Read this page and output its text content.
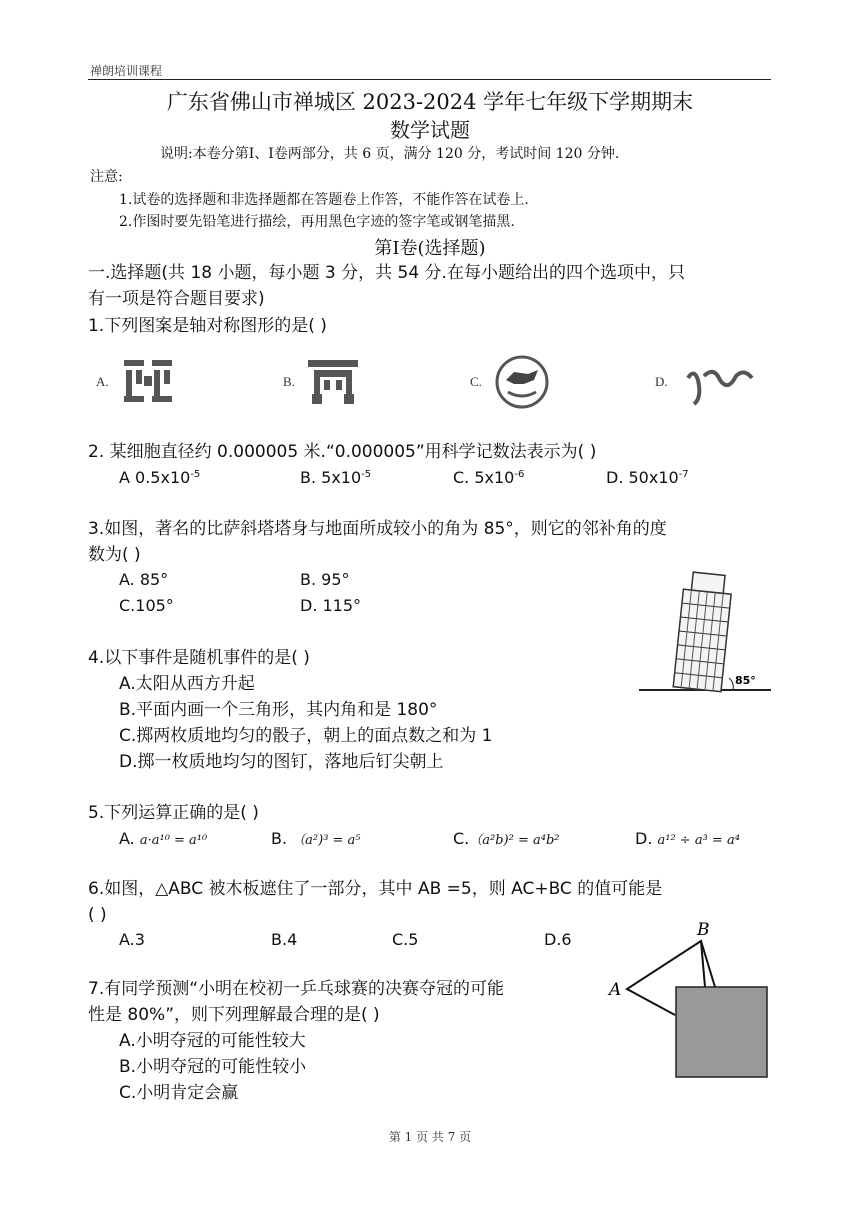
禅朗培训课程
广东省佛山市禅城区 2023-2024 学年七年级下学期期末
数学试题
说明:本卷分第Ⅰ、Ⅰ卷两部分，共 6 页，满分 120 分，考试时间 120 分钟.
注意:
1.试卷的选择题和非选择题都在答题卷上作答，不能作答在试卷上.
2.作图时要先铅笔进行描绘，再用黑色字迹的签字笔或钢笔描黑.
第Ⅰ卷(选择题)
一.选择题(共 18 小题，每小题 3 分，共 54 分.在每小题给出的四个选项中，只
有一项是符合题目要求)
1.下列图案是轴对称图形的是( )
A.	B.	C.	D.
2. 某细胞直径约 0.000005 米.“0.000005”用科学记数法表示为( )
A $0.5x10^{-5}$	B. $5x10^{-5}$	C. $5x10^{-6}$	D. $50x10^{-7}$
3.如图，著名的比萨斜塔塔身与地面所成较小的角为 85°，则它的邻补角的度
数为( )
A. 85°	B. 95°
C.105°	D. 115°
85°
4.以下事件是随机事件的是( )
A.太阳从西方升起
B.平面内画一个三角形，其内角和是 180°
C.掷两枚质地均匀的骰子，朝上的面点数之和为 1
D.掷一枚质地均匀的图钉，落地后钉尖朝上
5.下列运算正确的是( )
A. a·a¹⁰ = a¹⁰	B. （a²)³ = a⁵	C.（a²b)² = a⁴b²	D. a¹² ÷ a³ = a⁴
6.如图，△ABC 被木板遮住了一部分，其中 AB =5，则 AC+BC 的值可能是
( )
A.3	B.4	C.5	D.6	B
A
7.有同学预测“小明在校初一乒乓球赛的决赛夺冠的可能
性是 80%”，则下列理解最合理的是( )
A.小明夺冠的可能性较大
B.小明夺冠的可能性较小
C.小明肯定会赢
第 1 页 共 7 页
